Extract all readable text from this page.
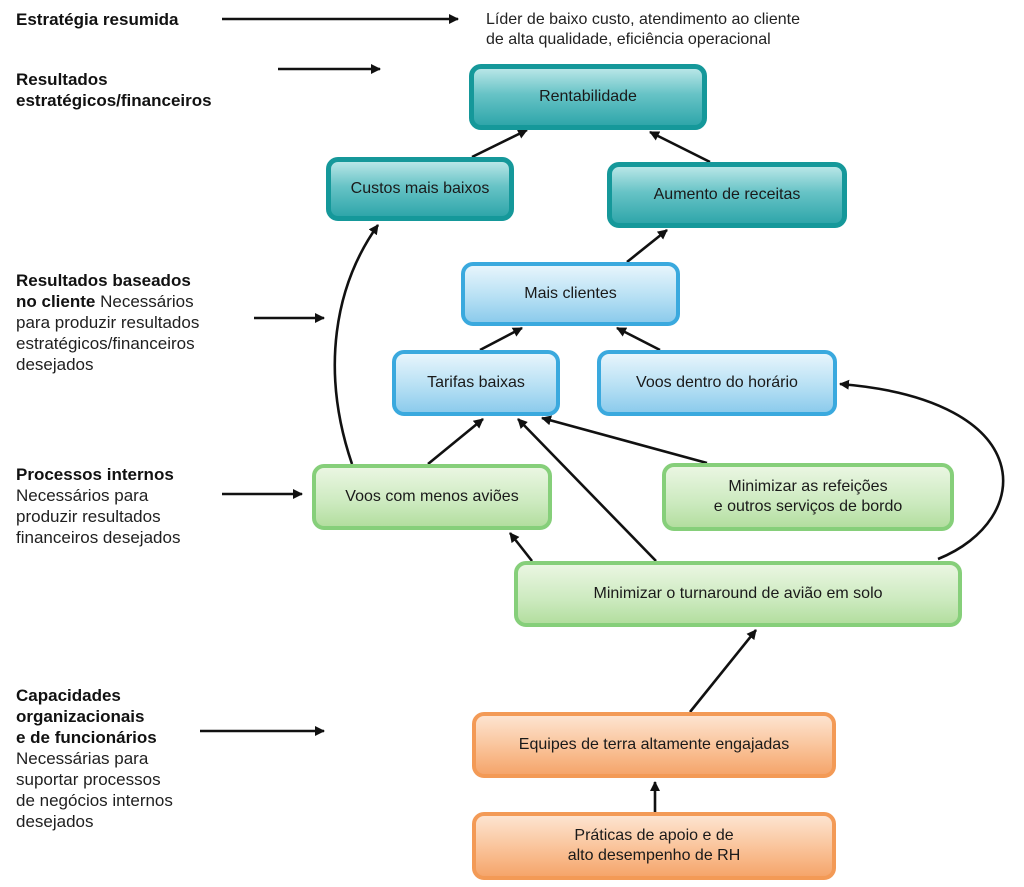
Estratégia resumida

Resultados
estratégicos/financeiros

Resultados baseados
no cliente Necessários
para produzir resultados
estratégicos/financeiros
desejados
Processos internos
Necessários para
produzir resultados
financeiros desejados
Capacidades
organizacionais
e de funcionários
Necessárias para
suportar processos
de negócios internos
desejados
Líder de baixo custo, atendimento ao cliente
de alta qualidade, eficiência operacional
Rentabilidade
Custos mais baixos	Aumento de receitas
Mais clientes
Tarifas baixas	Voos dentro do horário
Voos com menos aviões
Minimizar as refeições
e outros serviços de bordo
Minimizar o turnaround de avião em solo
Equipes de terra altamente engajadas
Práticas de apoio e de
alto desempenho de RH
